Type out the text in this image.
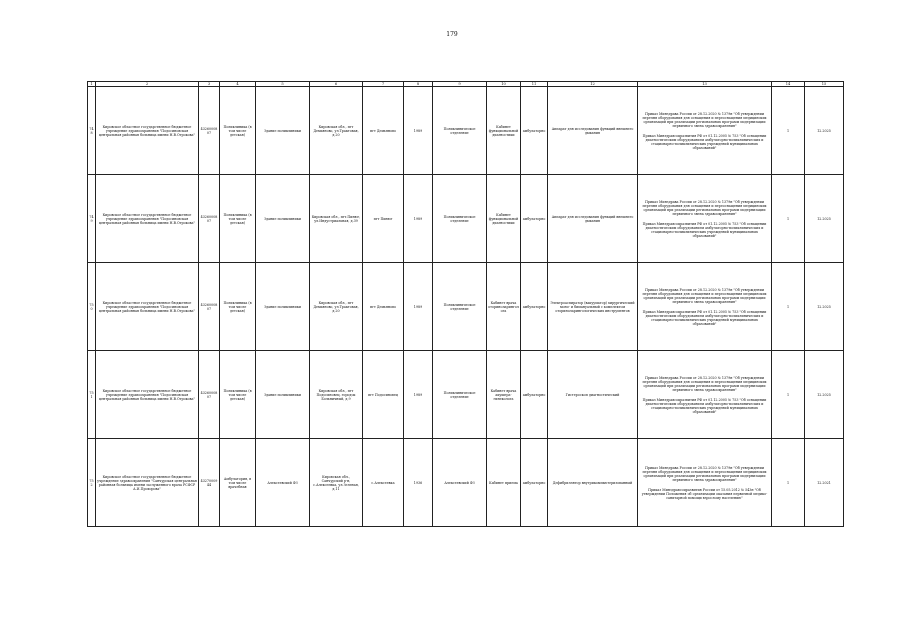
179
1	2	3	4	5	6	7	8	9	10	11	12	13	14	15
748	Кировское областное государственное бюджетное учреждение здравоохранения "Подосиновская центральная районная больница имени Н.В.Отрокова"	4326000807	Поликлиника (в том числе детская)	Здание поликлиники	Кировская обл., пгт Демьяново, ул.Трактовая, д.20	пгт Демьяново	1989	Поликлиническое отделение	Кабинет функциональной диагностики	амбулаторно	Аппарат для исследования функций внешнего дыхания	Приказ Минздрава России от 28.12.2020 № 1379н "Об утверждении перечня оборудования для оснащения и переоснащения медицинских организаций при реализации региональных программ модернизации первичного звена здравоохранения"

Приказ Минздравсоцразвития РФ от 01.12.2005 № 753 "Об оснащении диагностическим оборудованием амбулаторно-поликлинических и стационарно-поликлинических учреждений муниципальных образований"	1	12.2025
749	Кировское областное государственное бюджетное учреждение здравоохранения "Подосиновская центральная районная больница имени Н.В.Отрокова"	4326000807	Поликлиника (в том числе детская)	Здание поликлиники	Кировская обл., пгт.Пинюг, ул.Индустриальная, д.39	пгт Пинюг	1989	Поликлиническое отделение	Кабинет функциональной диагностики	амбулаторно	Аппарат для исследования функций внешнего дыхания	Приказ Минздрава России от 28.12.2020 № 1379н "Об утверждении перечня оборудования для оснащения и переоснащения медицинских организаций при реализации региональных программ модернизации первичного звена здравоохранения"

Приказ Минздравсоцразвития РФ от 01.12.2005 № 753 "Об оснащении диагностическим оборудованием амбулаторно-поликлинических и стационарно-поликлинических учреждений муниципальных образований"	1	12.2025
750	Кировское областное государственное бюджетное учреждение здравоохранения "Подосиновская центральная районная больница имени Н.В.Отрокова"	4326000807	Поликлиника (в том числе детская)	Здание поликлиники	Кировская обл., пгт Демьяново, ул.Трактовая, д.20	пгт Демьяново	1989	Поликлиническое отделение	Кабинет врача оториноларинголога	амбулаторно	Электроаспиратор (вакууматор) хирургический моно- и бимануальный с комплектом оториноларингологических инструментов	Приказ Минздрава России от 28.12.2020 № 1379н "Об утверждении перечня оборудования для оснащения и переоснащения медицинских организаций при реализации региональных программ модернизации первичного звена здравоохранения"

Приказ Минздравсоцразвития РФ от 01.12.2005 № 753 "Об оснащении диагностическим оборудованием амбулаторно-поликлинических и стационарно-поликлинических учреждений муниципальных образований"	1	12.2025
751	Кировское областное государственное бюджетное учреждение здравоохранения "Подосиновская центральная районная больница имени Н.В.Отрокова"	4326000807	Поликлиника (в том числе детская)	Здание поликлиники	Кировская обл., пгт Подосиновец, городок Больничный, д.9	пгт Подосиновец	1989	Поликлиническое отделение	Кабинет врача акушера-гинеколога	амбулаторно	Гистероскоп диагностический	Приказ Минздрава России от 28.12.2020 № 1379н "Об утверждении перечня оборудования для оснащения и переоснащения медицинских организаций при реализации региональных программ модернизации первичного звена здравоохранения"

Приказ Минздравсоцразвития РФ от 01.12.2005 № 753 "Об оснащении диагностическим оборудованием амбулаторно-поликлинических и стационарно-поликлинических учреждений муниципальных образований"	1	12.2025
752	Кировское областное государственное бюджетное учреждение здравоохранения "Санчурская центральная районная больница имени заслуженного врача РСФСР А.И.Прохорова"	4327000944	Амбулатория, в том числе врачебная	Алексеевский ФЗ	Кировская обл., Санчурский р-н, с.Алексеевка, ул.Зеленая, д.11	с.Алексеевка	1936	Алексеевский ФЗ	Кабинет приема	амбулаторно	Дефибриллятор внутрикомпьютеризованный	Приказ Минздрава России от 28.12.2020 № 1379н "Об утверждении перечня оборудования для оснащения и переоснащения медицинских организаций при реализации региональных программ модернизации первичного звена здравоохранения"

Приказ Минздравсоцразвития России от 15.05.2012 № 543н "Об утверждении Положения об организации оказания первичной медико-санитарной помощи взрослому населению"	1	12.2021
